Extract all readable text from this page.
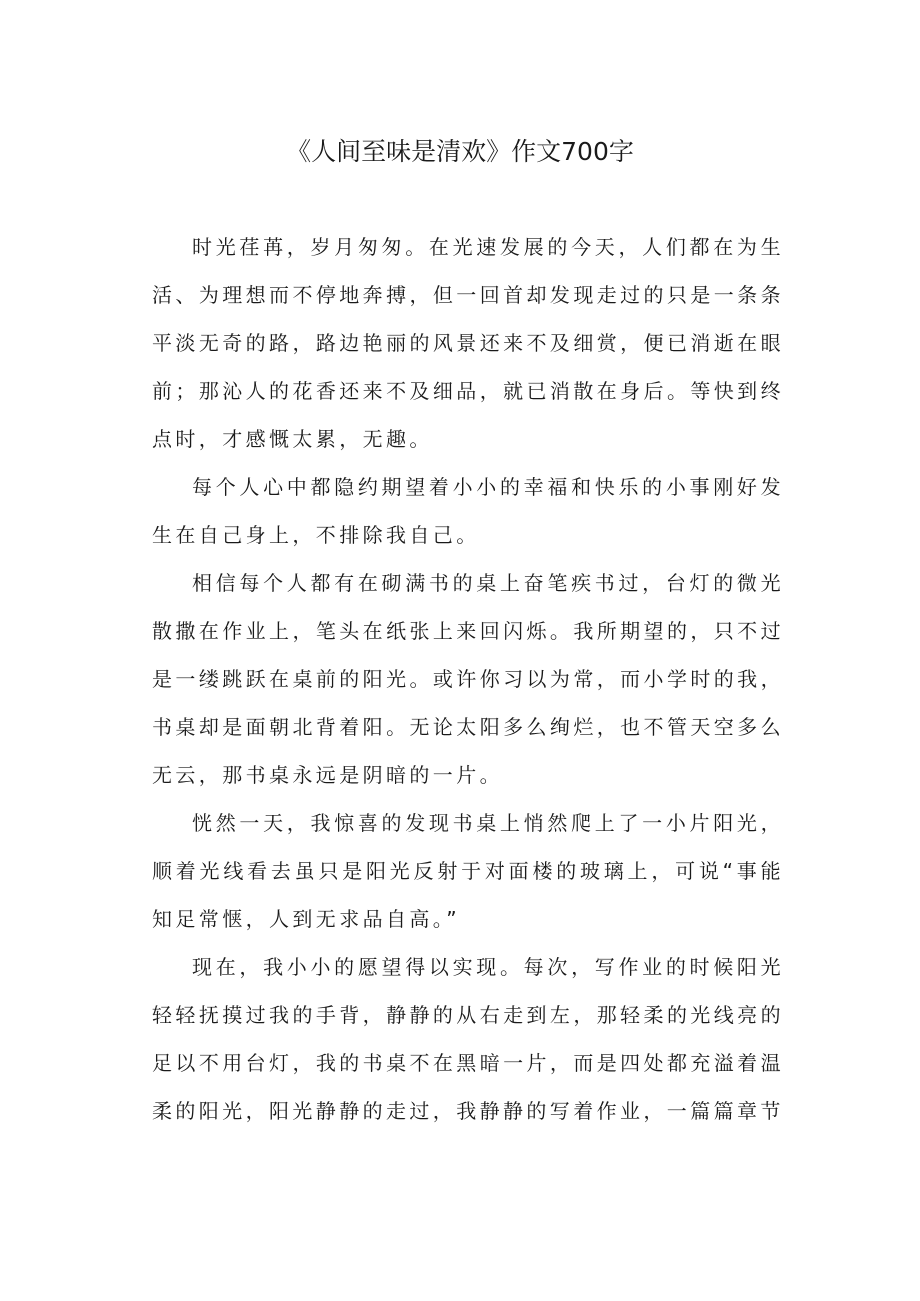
《人间至味是清欢》作文700字

时光荏苒，岁月匆匆。在光速发展的今天，人们都在为生活、为理想而不停地奔搏，但一回首却发现走过的只是一条条平淡无奇的路，路边艳丽的风景还来不及细赏，便已消逝在眼前；那沁人的花香还来不及细品，就已消散在身后。等快到终点时，才感慨太累，无趣。

每个人心中都隐约期望着小小的幸福和快乐的小事刚好发生在自己身上，不排除我自己。

相信每个人都有在砌满书的桌上奋笔疾书过，台灯的微光散撒在作业上，笔头在纸张上来回闪烁。我所期望的，只不过是一缕跳跃在桌前的阳光。或许你习以为常，而小学时的我，书桌却是面朝北背着阳。无论太阳多么绚烂，也不管天空多么无云，那书桌永远是阴暗的一片。

恍然一天，我惊喜的发现书桌上悄然爬上了一小片阳光，顺着光线看去虽只是阳光反射于对面楼的玻璃上，可说“事能知足常惬，人到无求品自高。”

现在，我小小的愿望得以实现。每次，写作业的时候阳光轻轻抚摸过我的手背，静静的从右走到左，那轻柔的光线亮的足以不用台灯，我的书桌不在黑暗一片，而是四处都充溢着温柔的阳光，阳光静静的走过，我静静的写着作业，一篇篇章节
